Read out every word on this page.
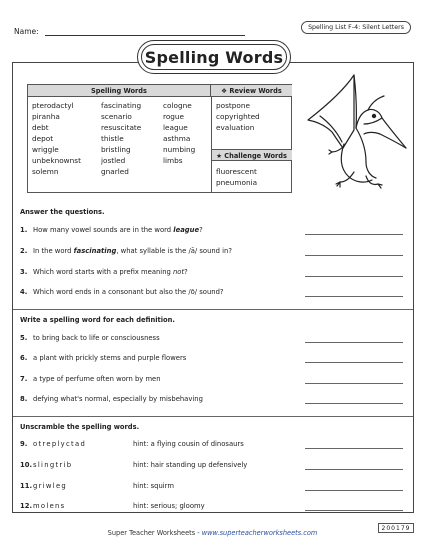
Name:	Spelling List F-4: Silent Letters
Spelling Words
Spelling Words	❖ Review Words
★ Challenge Words
pterodactyl	fascinating	cologne
piranha	scenario	rogue
debt	resuscitate	league
depot	thistle	asthma
wriggle	bristling	numbing
unbeknownst	jostled	limbs
solemn	gnarled
postpone
copyrighted
evaluation
fluorescent
pneumonia
Answer the questions.
1. How many vowel sounds are in the word league?
2. In the word fascinating, what syllable is the /ā/ sound in?
3. Which word starts with a prefix meaning not?
4. Which word ends in a consonant but also the /ō/ sound?
Write a spelling word for each definition.
5. to bring back to life or consciousness
6. a plant with prickly stems and purple flowers
7. a type of perfume often worn by men
8. defying what's normal, especially by misbehaving
Unscramble the spelling words.
9. otreplyctad	hint: a flying cousin of dinosaurs
10. slingtrib	hint: hair standing up defensively
11. griwleg	hint: squirm
12. molens	hint: serious; gloomy
200179
Super Teacher Worksheets - www.superteacherworksheets.com
